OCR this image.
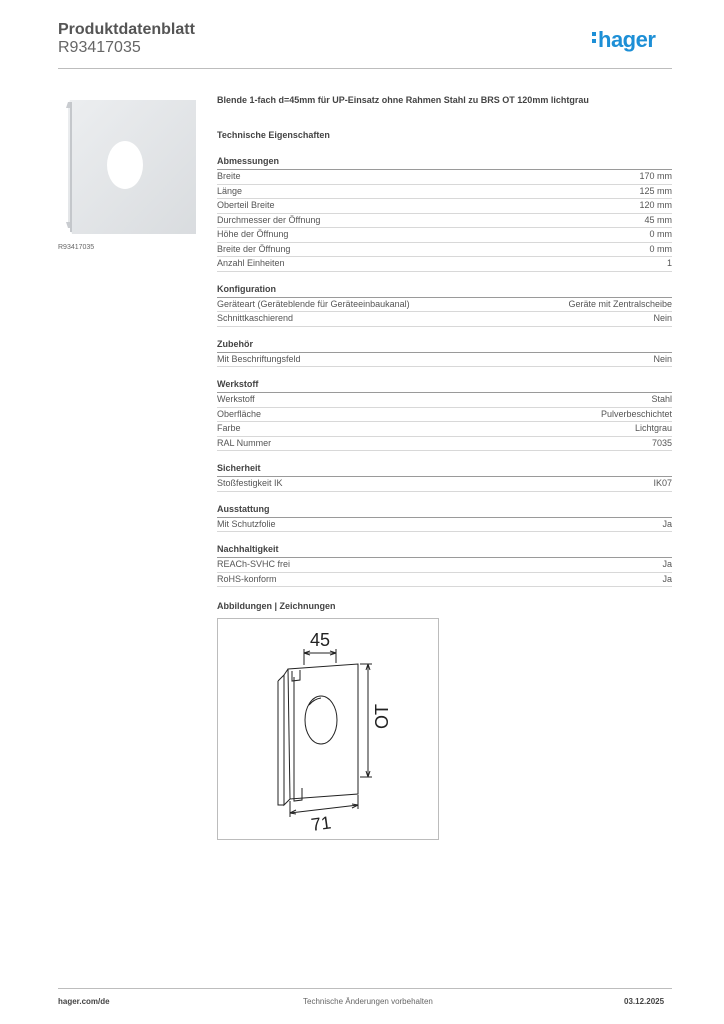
Produktdatenblatt
R93417035	hager
R93417035
Blende 1-fach d=45mm für UP-Einsatz ohne Rahmen Stahl zu BRS OT 120mm lichtgrau
Technische Eigenschaften
Abmessungen
Breite	170 mm
Länge	125 mm
Oberteil Breite	120 mm
Durchmesser der Öffnung	45 mm
Höhe der Öffnung	0 mm
Breite der Öffnung	0 mm
Anzahl Einheiten	1
Konfiguration
Geräteart (Geräteblende für Geräteeinbaukanal)	Geräte mit Zentralscheibe
Schnittkaschierend	Nein
Zubehör
Mit Beschriftungsfeld	Nein
Werkstoff
Werkstoff	Stahl
Oberfläche	Pulverbeschichtet
Farbe	Lichtgrau
RAL Nummer	7035
Sicherheit
Stoßfestigkeit IK	IK07
Ausstattung
Mit Schutzfolie	Ja
Nachhaltigkeit
REACh-SVHC frei	Ja
RoHS-konform	Ja
Abbildungen | Zeichnungen
45
OT
71
hager.com/de	Technische Änderungen vorbehalten	03.12.2025
